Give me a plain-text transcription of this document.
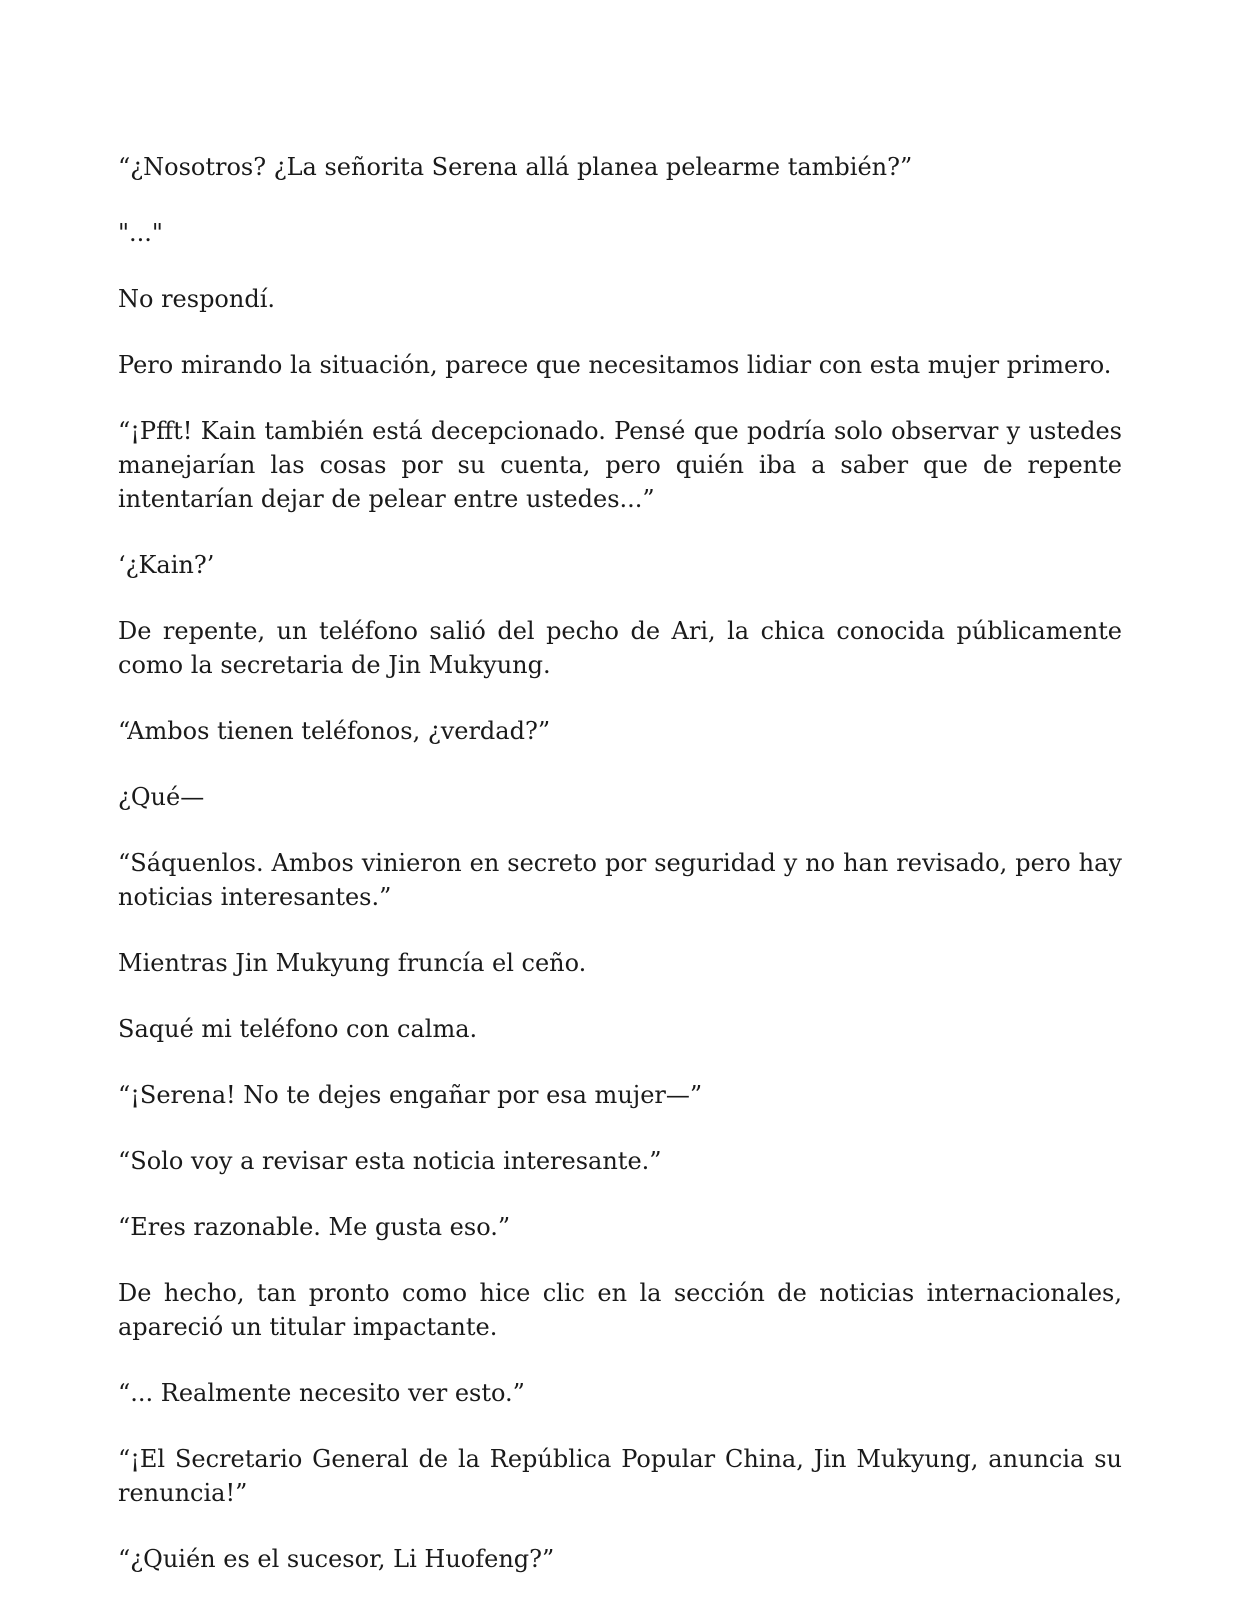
“¿Nosotros? ¿La señorita Serena allá planea pelearme también?”

"..."

No respondí.

Pero mirando la situación, parece que necesitamos lidiar con esta mujer primero.

“¡Pfft! Kain también está decepcionado. Pensé que podría solo observar y ustedes manejarían las cosas por su cuenta, pero quién iba a saber que de repente intentarían dejar de pelear entre ustedes...”

‘¿Kain?’

De repente, un teléfono salió del pecho de Ari, la chica conocida públicamente como la secretaria de Jin Mukyung.

“Ambos tienen teléfonos, ¿verdad?”

¿Qué—

“Sáquenlos. Ambos vinieron en secreto por seguridad y no han revisado, pero hay noticias interesantes.”

Mientras Jin Mukyung fruncía el ceño.

Saqué mi teléfono con calma.

“¡Serena! No te dejes engañar por esa mujer—”

“Solo voy a revisar esta noticia interesante.”

“Eres razonable. Me gusta eso.”

De hecho, tan pronto como hice clic en la sección de noticias internacionales, apareció un titular impactante.

“... Realmente necesito ver esto.”

“¡El Secretario General de la República Popular China, Jin Mukyung, anuncia su renuncia!”

“¿Quién es el sucesor, Li Huofeng?”
